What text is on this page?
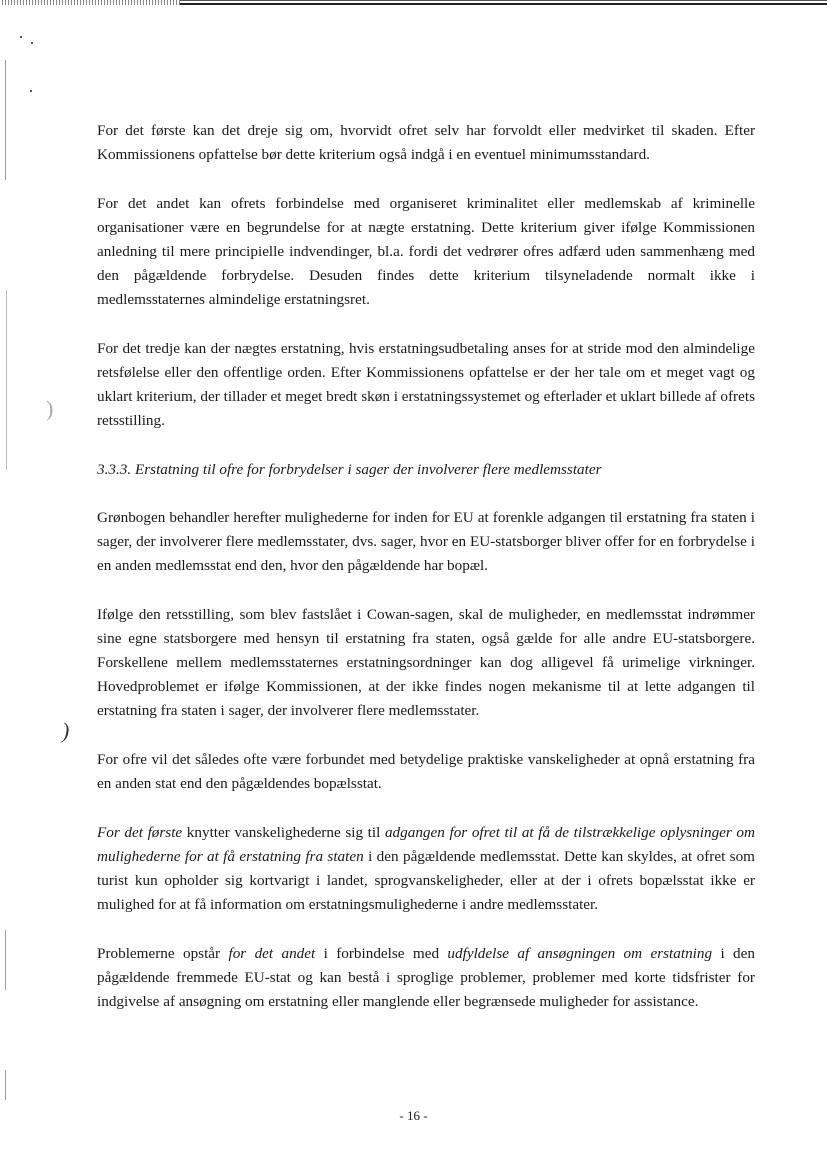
)
)

For det første kan det dreje sig om, hvorvidt ofret selv har forvoldt eller medvirket til skaden. Efter Kommissionens opfattelse bør dette kriterium også indgå i en eventuel minimumsstandard.

For det andet kan ofrets forbindelse med organiseret kriminalitet eller medlemskab af kriminelle organisationer være en begrundelse for at nægte erstatning. Dette kriterium giver ifølge Kommissionen anledning til mere principielle indvendinger, bl.a. fordi det vedrører ofres adfærd uden sammenhæng med den pågældende forbrydelse. Desuden findes dette kriterium tilsyneladende normalt ikke i medlemsstaternes almindelige erstatningsret.

For det tredje kan der nægtes erstatning, hvis erstatningsudbetaling anses for at stride mod den almindelige retsfølelse eller den offentlige orden. Efter Kommissionens opfattelse er der her tale om et meget vagt og uklart kriterium, der tillader et meget bredt skøn i erstatningssystemet og efterlader et uklart billede af ofrets retsstilling.

3.3.3. Erstatning til ofre for forbrydelser i sager der involverer flere medlemsstater

Grønbogen behandler herefter mulighederne for inden for EU at forenkle adgangen til erstatning fra staten i sager, der involverer flere medlemsstater, dvs. sager, hvor en EU-statsborger bliver offer for en forbrydelse i en anden medlemsstat end den, hvor den pågældende har bopæl.

Ifølge den retsstilling, som blev fastslået i Cowan-sagen, skal de muligheder, en medlemsstat indrømmer sine egne statsborgere med hensyn til erstatning fra staten, også gælde for alle andre EU-statsborgere. Forskellene mellem medlemsstaternes erstatningsordninger kan dog alligevel få urimelige virkninger. Hovedproblemet er ifølge Kommissionen, at der ikke findes nogen mekanisme til at lette adgangen til erstatning fra staten i sager, der involverer flere medlemsstater.

For ofre vil det således ofte være forbundet med betydelige praktiske vanskeligheder at opnå erstatning fra en anden stat end den pågældendes bopælsstat.

For det første knytter vanskelighederne sig til adgangen for ofret til at få de tilstrækkelige oplysninger om mulighederne for at få erstatning fra staten i den pågældende medlemsstat. Dette kan skyldes, at ofret som turist kun opholder sig kortvarigt i landet, sprogvanskeligheder, eller at der i ofrets bopælsstat ikke er mulighed for at få information om erstatningsmulighederne i andre medlemsstater.

Problemerne opstår for det andet i forbindelse med udfyldelse af ansøgningen om erstatning i den pågældende fremmede EU-stat og kan bestå i sproglige problemer, problemer med korte tidsfrister for indgivelse af ansøgning om erstatning eller manglende eller begrænsede muligheder for assistance.

- 16 -
